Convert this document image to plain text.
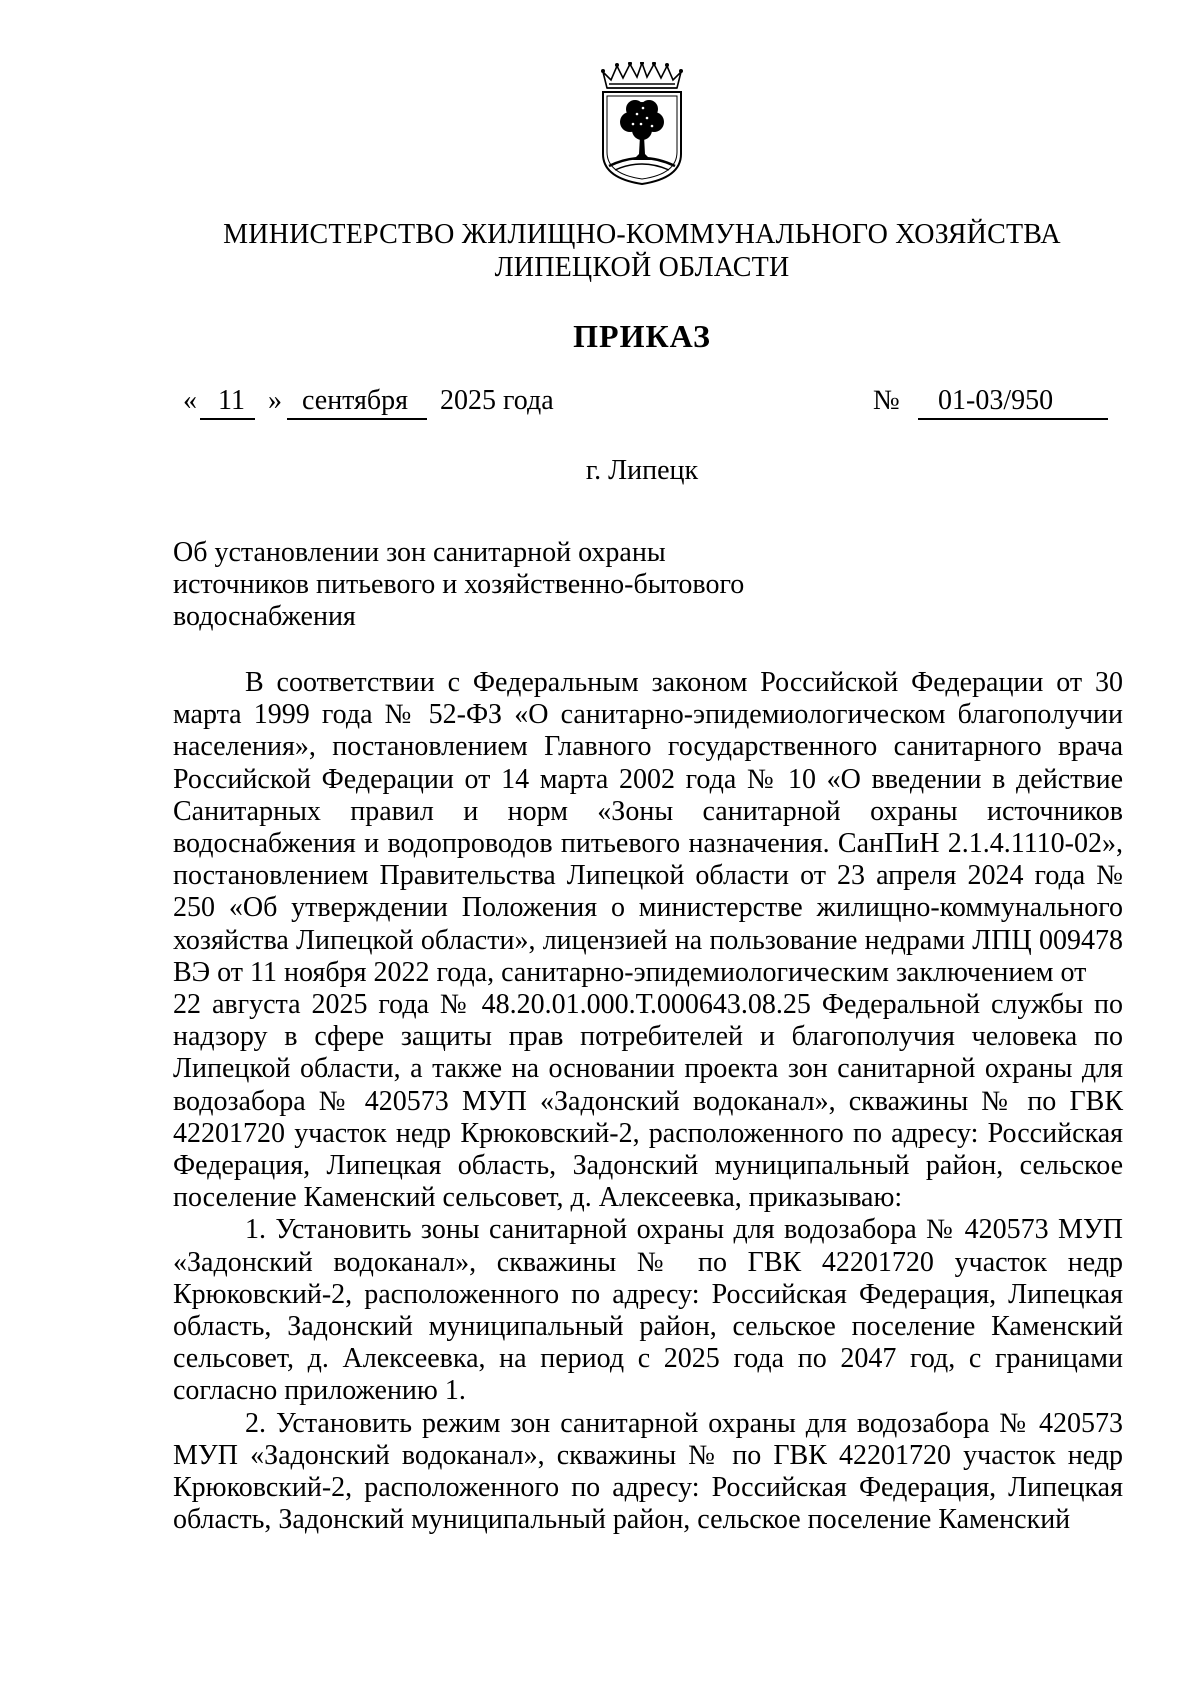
МИНИСТЕРСТВО ЖИЛИЩНО-КОММУНАЛЬНОГО ХОЗЯЙСТВА
ЛИПЕЦКОЙ ОБЛАСТИ
ПРИКАЗ
« 11 » сентября 2025 года	№ 01-03/950
г. Липецк
Об установлении зон санитарной охраны
источников питьевого и хозяйственно-бытового
водоснабжения

В соответствии с Федеральным законом Российской Федерации от 30 марта 1999 года № 52-ФЗ «О санитарно-эпидемиологическом благополучии населения», постановлением Главного государственного санитарного врача Российской Федерации от 14 марта 2002 года № 10 «О введении в действие Санитарных правил и норм «Зоны санитарной охраны источников водоснабжения и водопроводов питьевого назначения. СанПиН 2.1.4.1110-02», постановлением Правительства Липецкой области от 23 апреля 2024 года № 250 «Об утверждении Положения о министерстве жилищно-коммунального хозяйства Липецкой области», лицензией на пользование недрами ЛПЦ 009478 ВЭ от 11 ноября 2022 года, санитарно-эпидемиологическим заключением от

22 августа 2025 года № 48.20.01.000.Т.000643.08.25 Федеральной службы по надзору в сфере защиты прав потребителей и благополучия человека по Липецкой области, а также на основании проекта зон санитарной охраны для водозабора № 420573 МУП «Задонский водоканал», скважины № по ГВК 42201720 участок недр Крюковский-2, расположенного по адресу: Российская Федерация, Липецкая область, Задонский муниципальный район, сельское поселение Каменский сельсовет, д. Алексеевка, приказываю:

1. Установить зоны санитарной охраны для водозабора № 420573 МУП «Задонский водоканал», скважины № по ГВК 42201720 участок недр Крюковский-2, расположенного по адресу: Российская Федерация, Липецкая область, Задонский муниципальный район, сельское поселение Каменский сельсовет, д. Алексеевка, на период с 2025 года по 2047 год, с границами согласно приложению 1.

2. Установить режим зон санитарной охраны для водозабора № 420573 МУП «Задонский водоканал», скважины № по ГВК 42201720 участок недр Крюковский-2, расположенного по адресу: Российская Федерация, Липецкая область, Задонский муниципальный район, сельское поселение Каменский
